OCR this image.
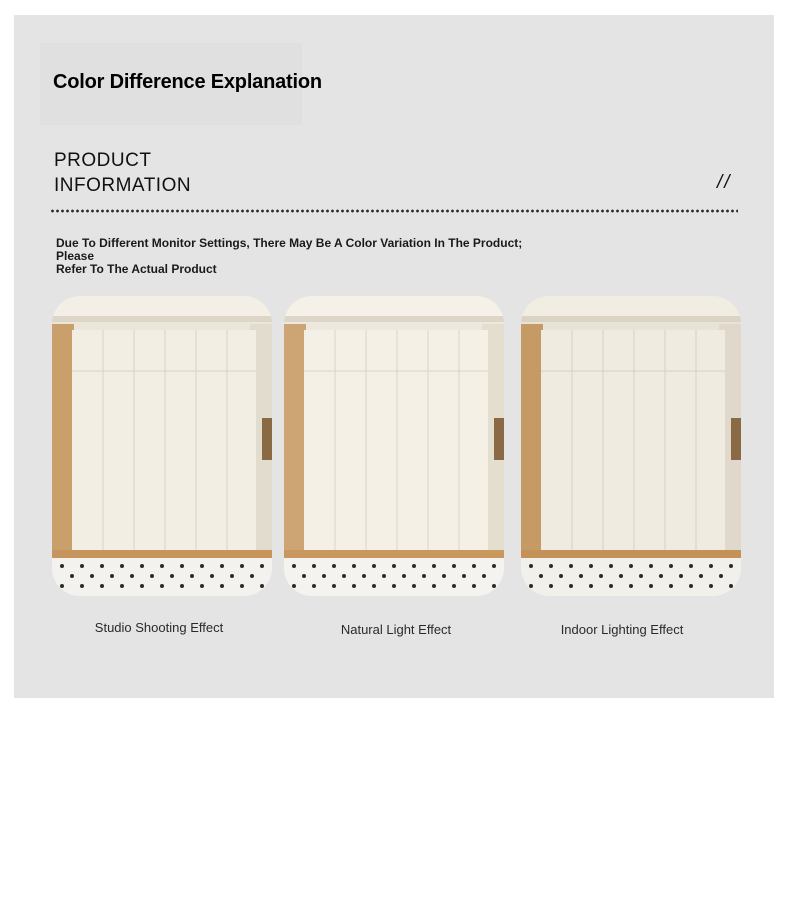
Color Difference Explanation
PRODUCT
INFORMATION	//

Due To Different Monitor Settings, There May Be A Color Variation In The Product; Please
Refer To The Actual Product

Studio Shooting Effect	Natural Light Effect	Indoor Lighting Effect
